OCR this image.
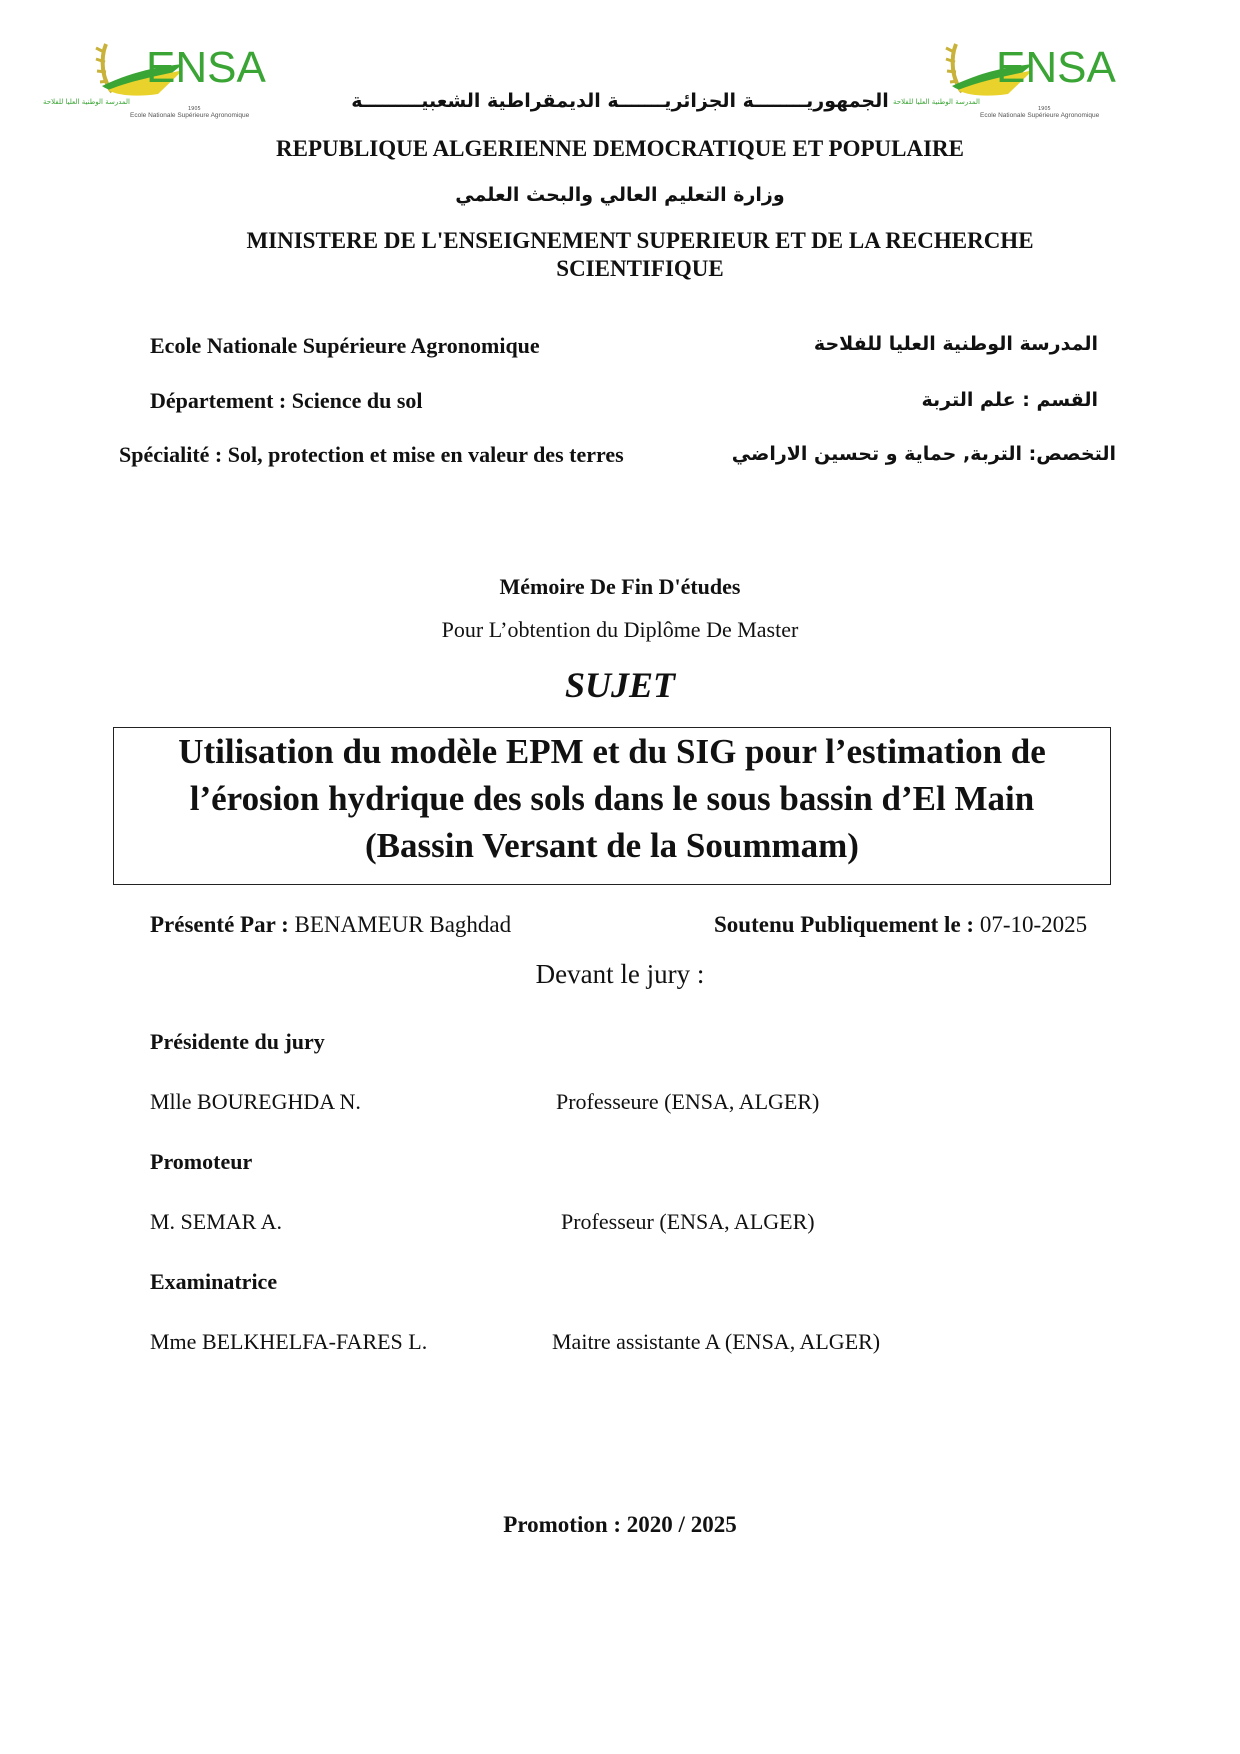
ENSA
المدرسة الوطنية العليا للفلاحة
1905
Ecole Nationale Supérieure Agronomique
ENSA
المدرسة الوطنية العليا للفلاحة
1905
Ecole Nationale Supérieure Agronomique
الجمهوريــــــــة الجزائريـــــــة الديمقراطية الشعبيـــــــــة
REPUBLIQUE ALGERIENNE DEMOCRATIQUE ET POPULAIRE
وزارة التعليم العالي والبحث العلمي
MINISTERE DE L'ENSEIGNEMENT SUPERIEUR ET DE LA RECHERCHE
SCIENTIFIQUE
Ecole Nationale Supérieure Agronomique	المدرسة الوطنية العليا للفلاحة
Département : Science du sol	القسم : علم التربة
Spécialité : Sol, protection et mise en valeur des terres	التخصص: التربة, حماية و تحسين الاراضي
Mémoire De Fin D'études
Pour L’obtention du Diplôme De Master
SUJET
Utilisation du modèle EPM et du SIG pour l’estimation de
l’érosion hydrique des sols dans le sous bassin d’El Main
(Bassin Versant de la Soummam)
Présenté Par : BENAMEUR Baghdad	Soutenu Publiquement le : 07-10-2025
Devant le jury :
Présidente du jury
Mlle BOUREGHDA N.	Professeure (ENSA, ALGER)
Promoteur
M. SEMAR A.	Professeur (ENSA, ALGER)
Examinatrice
Mme BELKHELFA-FARES L.	Maitre assistante A (ENSA, ALGER)
Promotion : 2020 / 2025
